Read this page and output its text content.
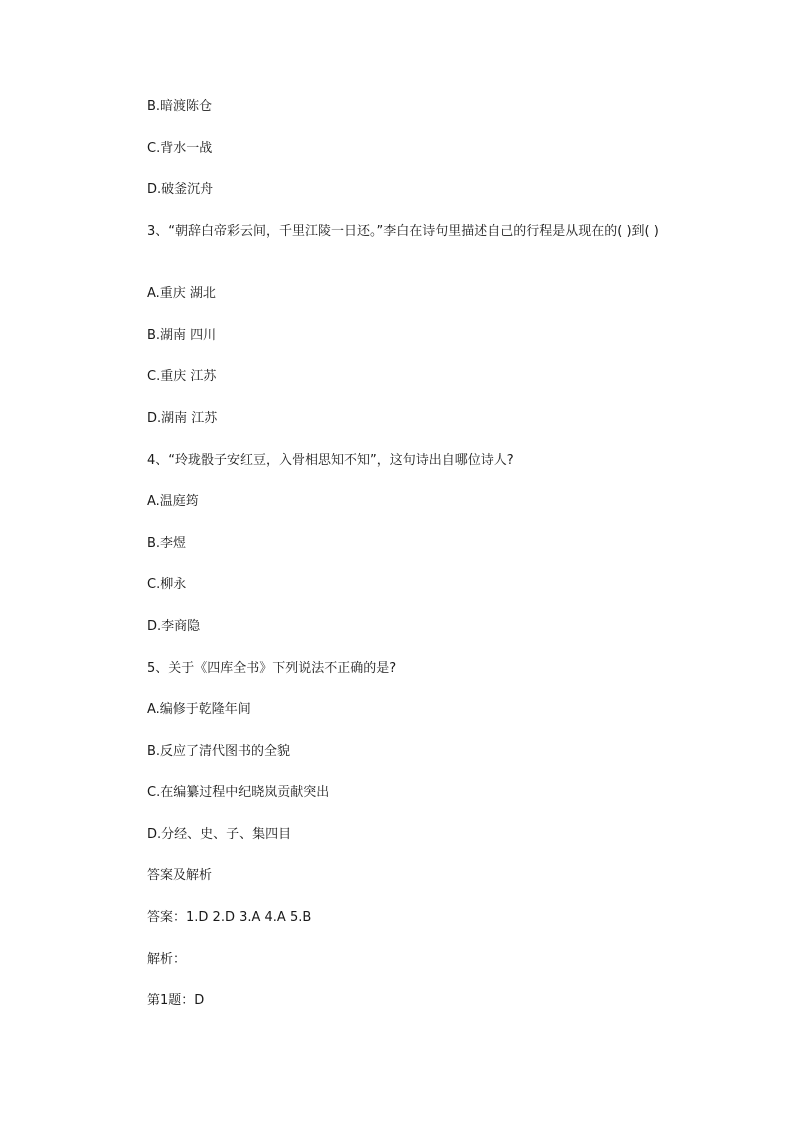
B.暗渡陈仓
C.背水一战
D.破釜沉舟
3、“朝辞白帝彩云间，千里江陵一日还。”李白在诗句里描述自己的行程是从现在的( )到( )
A.重庆 湖北
B.湖南 四川
C.重庆 江苏
D.湖南 江苏
4、“玲珑骰子安红豆，入骨相思知不知”，这句诗出自哪位诗人?
A.温庭筠
B.李煜
C.柳永
D.李商隐
5、关于《四库全书》下列说法不正确的是?
A.编修于乾隆年间
B.反应了清代图书的全貌
C.在编纂过程中纪晓岚贡献突出
D.分经、史、子、集四目
答案及解析
答案：1.D 2.D 3.A 4.A 5.B
解析：
第1题：D
